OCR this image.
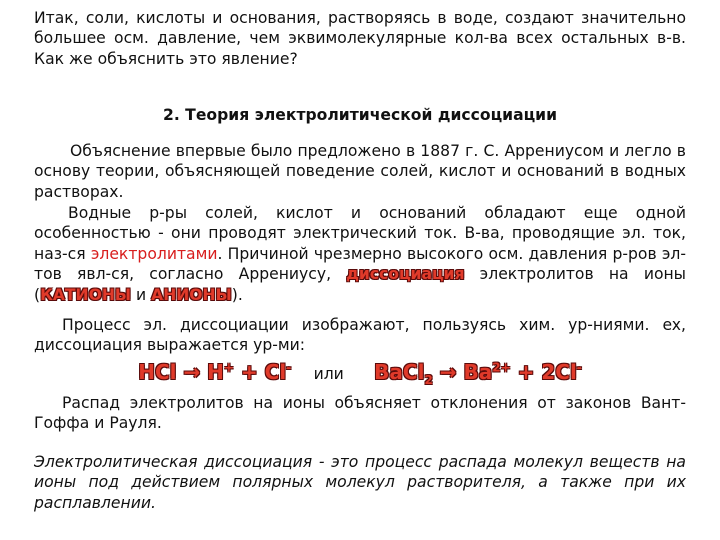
Итак, соли, кислоты и основания, растворяясь в воде, создают значительно большее осм. давление, чем эквимолекулярные кол-ва всех остальных в-в. Как же объяснить это явление?

2. Теория электролитической диссоциации

Объяснение впервые было предложено в 1887 г. С. Аррениусом и легло в основу теории, объясняющей поведение солей, кислот и оснований в водных растворах.

Водные р-ры солей, кислот и оснований обладают еще одной особенностью - они проводят электрический ток. В-ва, проводящие эл. ток, наз-ся электролитами. Причиной чрезмерно высокого осм. давления р-ров эл-тов явл-ся, согласно Аррениусу, диссоциация электролитов на ионы (КАТИОНЫ и АНИОНЫ).

Процесс эл. диссоциации изображают, пользуясь хим. ур-ниями. ex, диссоциация выражается ур-ми:

HCl → H+ + Cl- или BaCl$_2$ → $Ba^{2+} + 2Cl^-$

Распад электролитов на ионы объясняет отклонения от законов Вант-Гоффа и Рауля.

Электролитическая диссоциация - это процесс распада молекул веществ на ионы под действием полярных молекул растворителя, а также при их расплавлении.
